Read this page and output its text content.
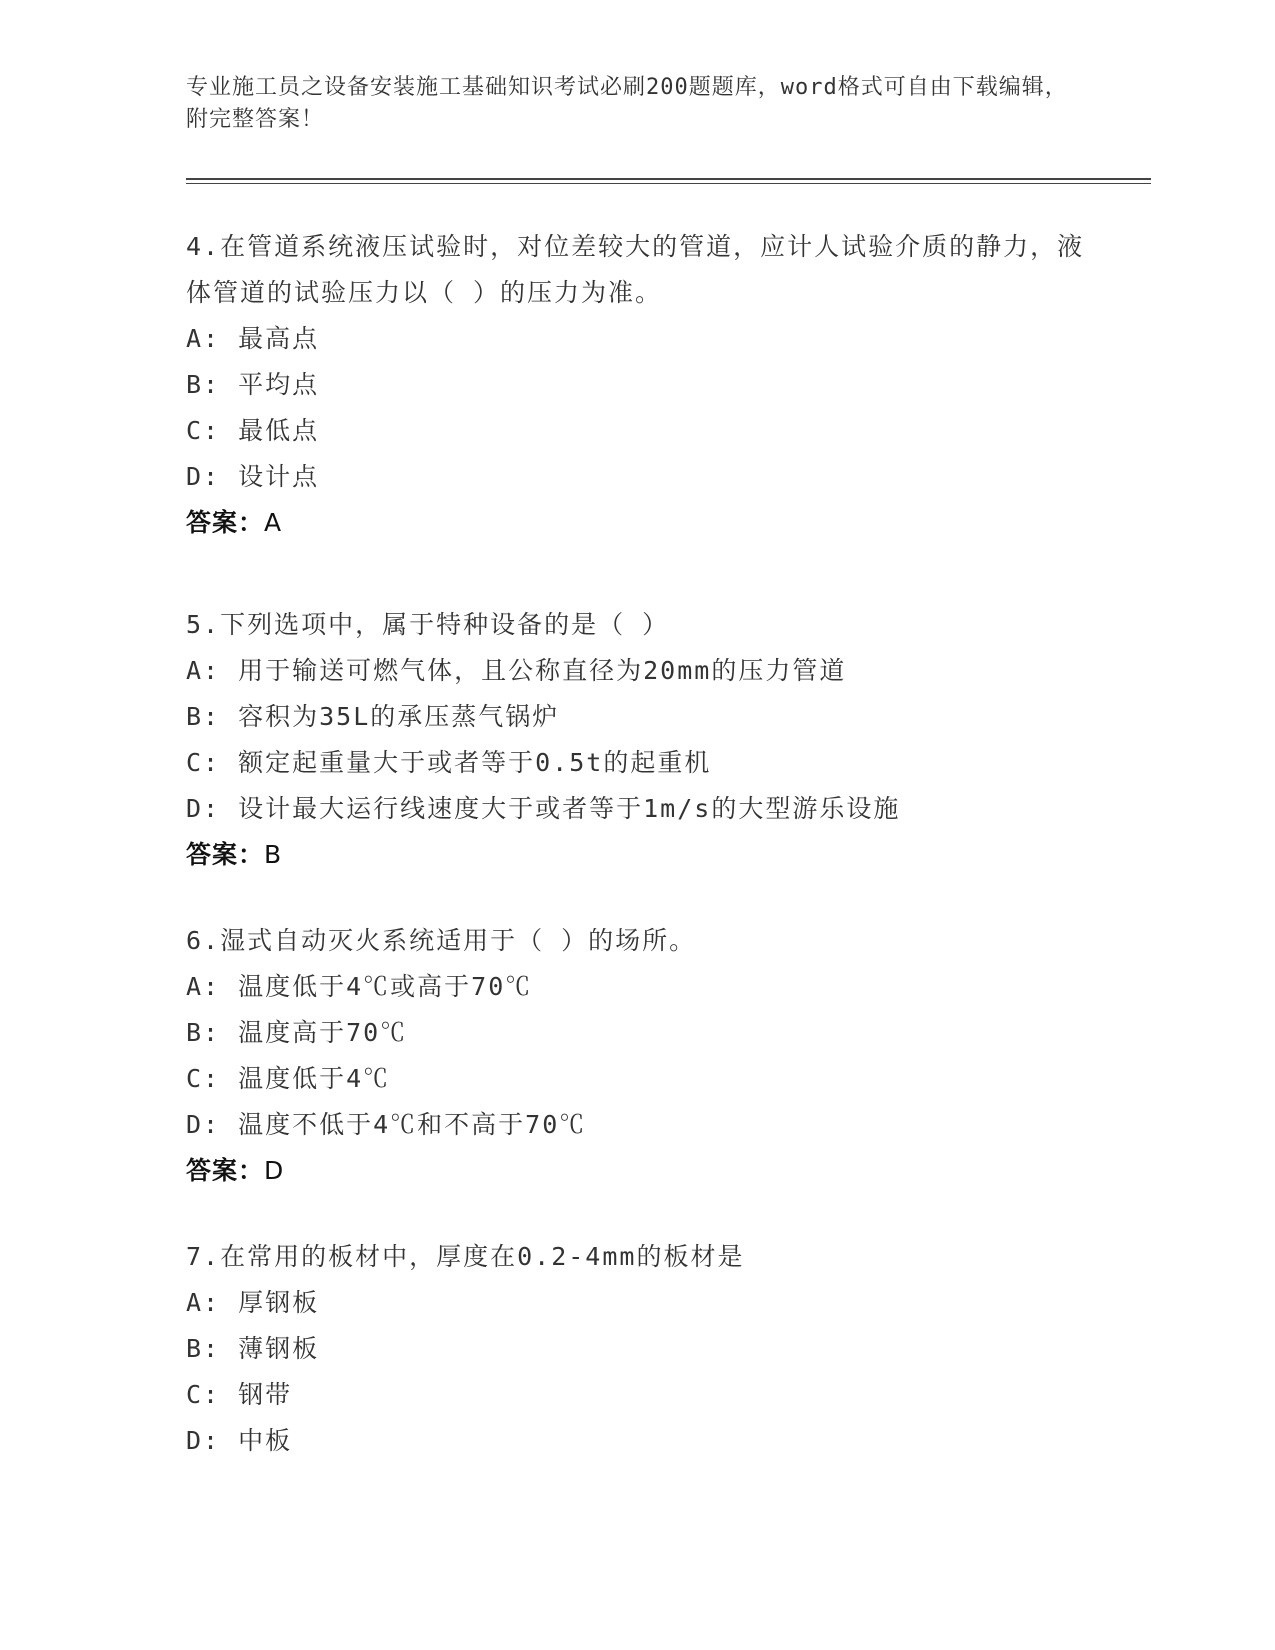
专业施工员之设备安装施工基础知识考试必刷200题题库，word格式可自由下载编辑，附完整答案！
4.在管道系统液压试验时，对位差较大的管道，应计人试验介质的静力，液体管道的试验压力以（ ）的压力为准。
A: 最高点
B: 平均点
C: 最低点
D: 设计点
答案：A
5.下列选项中，属于特种设备的是（ ）
A: 用于输送可燃气体，且公称直径为20mm的压力管道
B: 容积为35L的承压蒸气锅炉
C: 额定起重量大于或者等于0.5t的起重机
D: 设计最大运行线速度大于或者等于1m/s的大型游乐设施
答案：B
6.湿式自动灭火系统适用于（ ）的场所。
A: 温度低于4℃或高于70℃
B: 温度高于70℃
C: 温度低于4℃
D: 温度不低于4℃和不高于70℃
答案：D
7.在常用的板材中，厚度在0.2-4mm的板材是
A: 厚钢板
B: 薄钢板
C: 钢带
D: 中板
